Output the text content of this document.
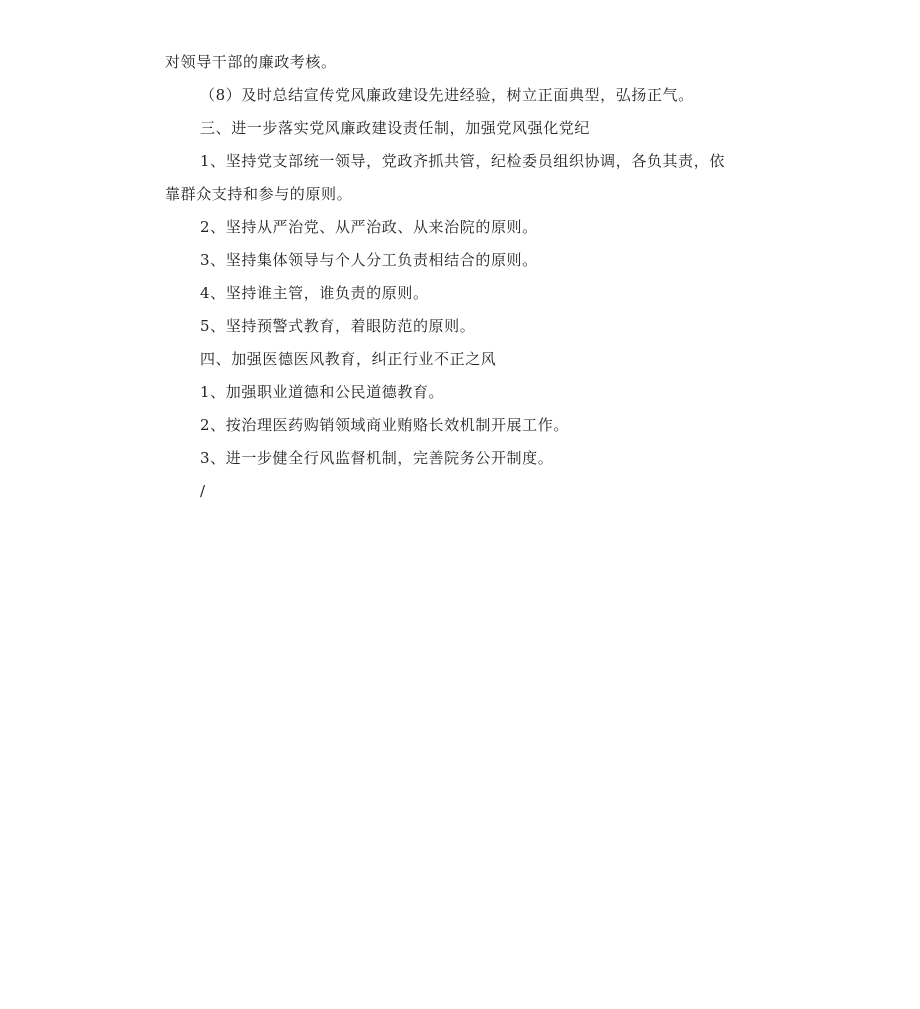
对领导干部的廉政考核。
（8）及时总结宣传党风廉政建设先进经验，树立正面典型，弘扬正气。
三、进一步落实党风廉政建设责任制，加强党风强化党纪
1、坚持党支部统一领导，党政齐抓共管，纪检委员组织协调，各负其责，依
靠群众支持和参与的原则。
2、坚持从严治党、从严治政、从来治院的原则。
3、坚持集体领导与个人分工负责相结合的原则。
4、坚持谁主管，谁负责的原则。
5、坚持预警式教育，着眼防范的原则。
四、加强医德医风教育，纠正行业不正之风
1、加强职业道德和公民道德教育。
2、按治理医药购销领域商业贿赂长效机制开展工作。
3、进一步健全行风监督机制，完善院务公开制度。
/
